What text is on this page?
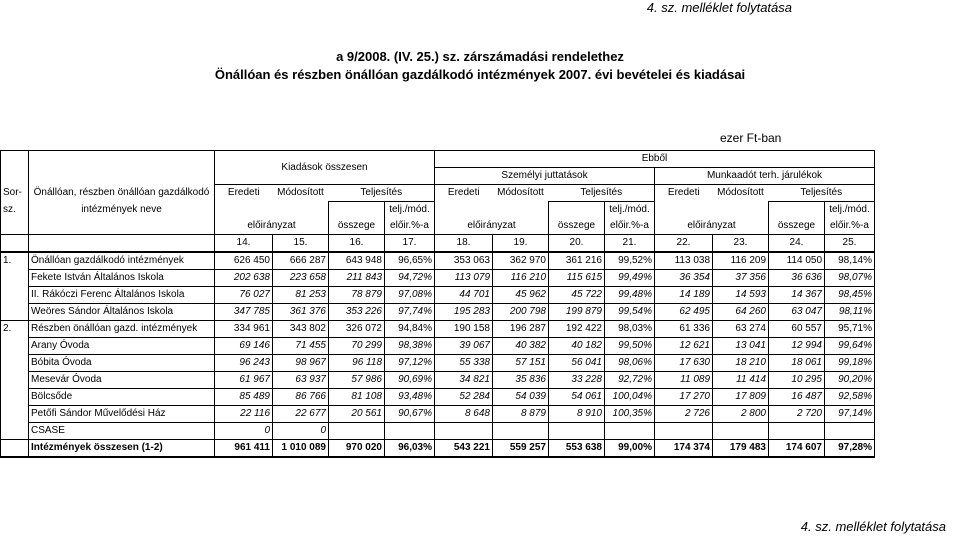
4. sz. melléklet folytatása
a 9/2008. (IV. 25.) sz. zárszámadási rendelethez
Önállóan és részben önállóan gazdálkodó intézmények 2007. évi bevételei és kiadásai
ezer Ft-ban
4. sz. melléklet folytatása
		Kiadások összesen				Ebből							
						Személyi juttatások				Munkaadót terh. járulékok			
Sor-	Önállóan, részben önállóan gazdálkodó	Eredeti	Módosított	Teljesítés		Eredeti	Módosított	Teljesítés		Eredeti	Módosított	Teljesítés	
sz.	intézmények neve				telj./mód.				telj./mód.				telj./mód.
		előirányzat		összege	előir.%-a	előirányzat		összege	előir.%-a	előirányzat		összege	előir.%-a
		14.	15.	16.	17.	18.	19.	20.	21.	22.	23.	24.	25.
1.	Önállóan gazdálkodó intézmények	626 450	666 287	643 948	96,65%	353 063	362 970	361 216	99,52%	113 038	116 209	114 050	98,14%
	Fekete István Általános Iskola	202 638	223 658	211 843	94,72%	113 079	116 210	115 615	99,49%	36 354	37 356	36 636	98,07%
	II. Rákóczi Ferenc Általános Iskola	76 027	81 253	78 879	97,08%	44 701	45 962	45 722	99,48%	14 189	14 593	14 367	98,45%
	Weöres Sándor Általános Iskola	347 785	361 376	353 226	97,74%	195 283	200 798	199 879	99,54%	62 495	64 260	63 047	98,11%
2.	Részben önállóan gazd. intézmények	334 961	343 802	326 072	94,84%	190 158	196 287	192 422	98,03%	61 336	63 274	60 557	95,71%
	Arany Óvoda	69 146	71 455	70 299	98,38%	39 067	40 382	40 182	99,50%	12 621	13 041	12 994	99,64%
	Bóbita Óvoda	96 243	98 967	96 118	97,12%	55 338	57 151	56 041	98,06%	17 630	18 210	18 061	99,18%
	Mesevár Óvoda	61 967	63 937	57 986	90,69%	34 821	35 836	33 228	92,72%	11 089	11 414	10 295	90,20%
	Bölcsőde	85 489	86 766	81 108	93,48%	52 284	54 039	54 061	100,04%	17 270	17 809	16 487	92,58%
	Petőfi Sándor Művelődési Ház	22 116	22 677	20 561	90,67%	8 648	8 879	8 910	100,35%	2 726	2 800	2 720	97,14%
	CSASE	0	0										
	Intézmények összesen (1-2)	961 411	1 010 089	970 020	96,03%	543 221	559 257	553 638	99,00%	174 374	179 483	174 607	97,28%
